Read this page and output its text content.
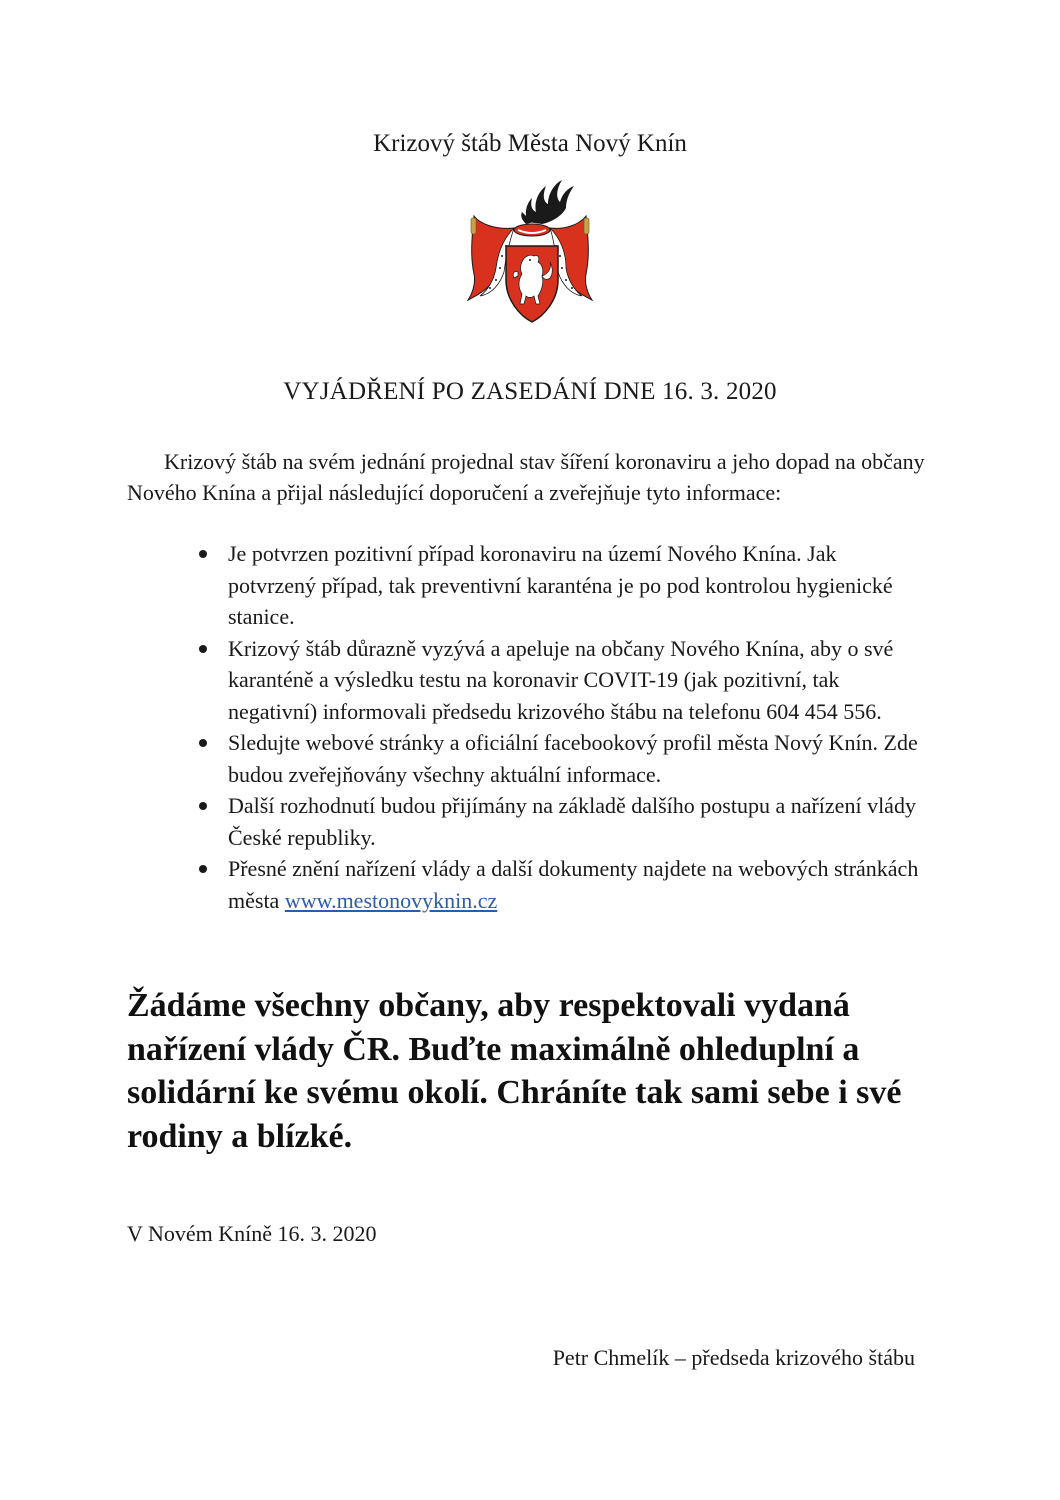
Krizový štáb Města Nový Knín
VYJÁDŘENÍ PO ZASEDÁNÍ DNE 16. 3. 2020

Krizový štáb na svém jednání projednal stav šíření koronaviru a jeho dopad na občany Nového Knína a přijal následující doporučení a zveřejňuje tyto informace:

Je potvrzen pozitivní případ koronaviru na území Nového Knína. Jak potvrzený případ, tak preventivní karanténa je po pod kontrolou hygienické stanice.
Krizový štáb důrazně vyzývá a apeluje na občany Nového Knína, aby o své karanténě a výsledku testu na koronavir COVIT-19 (jak pozitivní, tak negativní) informovali předsedu krizového štábu na telefonu 604 454 556.
Sledujte webové stránky a oficiální facebookový profil města Nový Knín. Zde budou zveřejňovány všechny aktuální informace.
Další rozhodnutí budou přijímány na základě dalšího postupu a nařízení vlády České republiky.
Přesné znění nařízení vlády a další dokumenty najdete na webových stránkách města www.mestonovyknin.cz

Žádáme všechny občany, aby respektovali vydaná nařízení vlády ČR. Buďte maximálně ohleduplní a solidární ke svému okolí. Chráníte tak sami sebe i své rodiny a blízké.

V Novém Kníně 16. 3. 2020
Petr Chmelík – předseda krizového štábu
